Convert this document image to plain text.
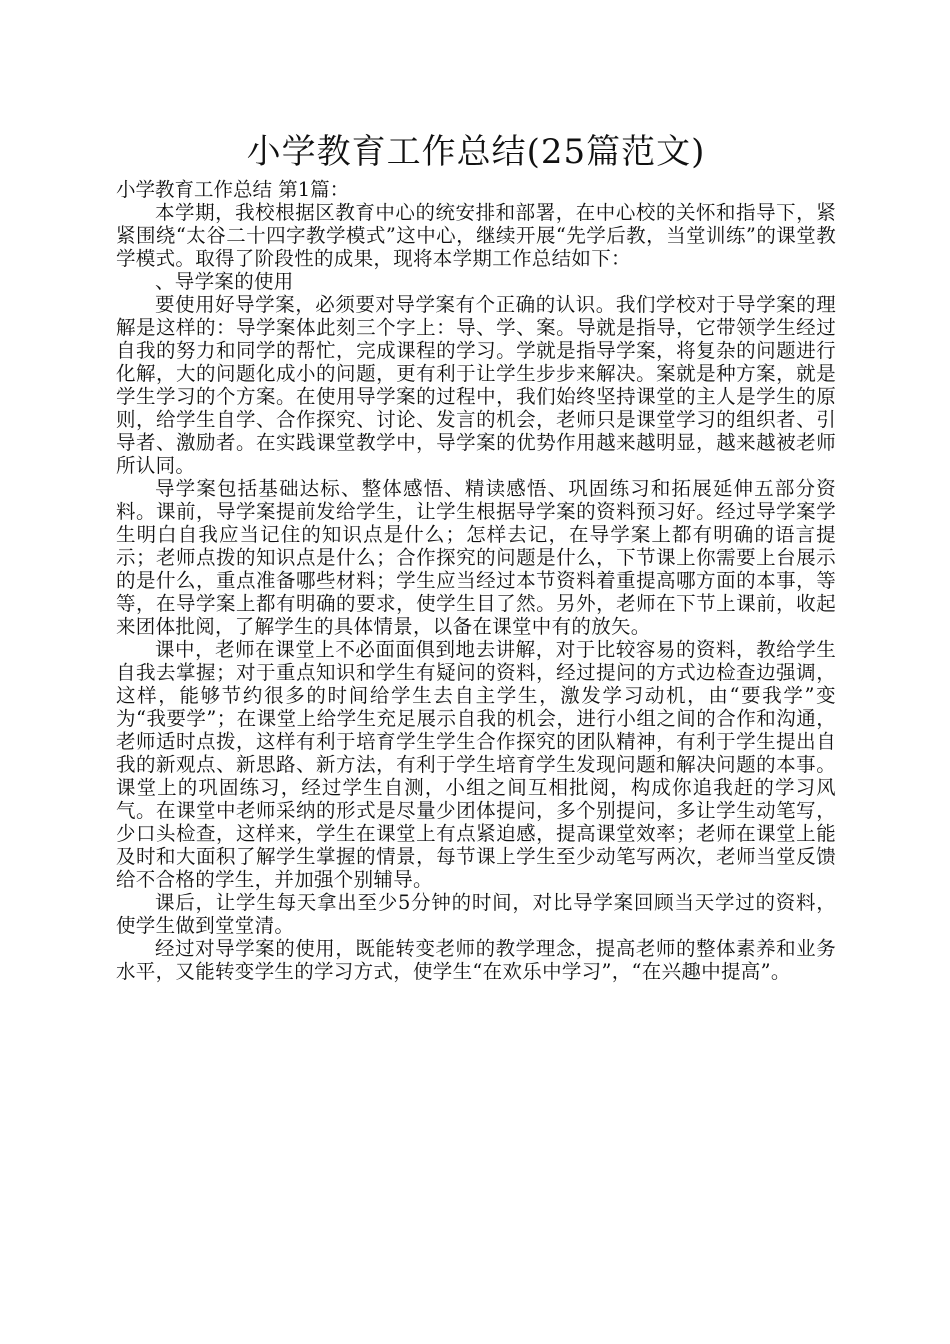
小学教育工作总结(25篇范文)

小学教育工作总结 第1篇：

本学期，我校根据区教育中心的统安排和部署，在中心校的关怀和指导下，紧紧围绕“太谷二十四字教学模式”这中心，继续开展“先学后教，当堂训练”的课堂教学模式。取得了阶段性的成果，现将本学期工作总结如下：

、导学案的使用

要使用好导学案，必须要对导学案有个正确的认识。我们学校对于导学案的理解是这样的：导学案体此刻三个字上：导、学、案。导就是指导，它带领学生经过自我的努力和同学的帮忙，完成课程的学习。学就是指导学案，将复杂的问题进行化解，大的问题化成小的问题，更有利于让学生步步来解决。案就是种方案，就是学生学习的个方案。在使用导学案的过程中，我们始终坚持课堂的主人是学生的原则，给学生自学、合作探究、讨论、发言的机会，老师只是课堂学习的组织者、引导者、激励者。在实践课堂教学中，导学案的优势作用越来越明显，越来越被老师所认同。

导学案包括基础达标、整体感悟、精读感悟、巩固练习和拓展延伸五部分资料。课前，导学案提前发给学生，让学生根据导学案的资料预习好。经过导学案学生明白自我应当记住的知识点是什么；怎样去记，在导学案上都有明确的语言提示；老师点拨的知识点是什么；合作探究的问题是什么，下节课上你需要上台展示的是什么，重点准备哪些材料；学生应当经过本节资料着重提高哪方面的本事，等等，在导学案上都有明确的要求，使学生目了然。另外，老师在下节上课前，收起来团体批阅，了解学生的具体情景，以备在课堂中有的放矢。

课中，老师在课堂上不必面面俱到地去讲解，对于比较容易的资料，教给学生自我去掌握；对于重点知识和学生有疑问的资料，经过提问的方式边检查边强调，这样，能够节约很多的时间给学生去自主学生，激发学习动机，由“要我学”变为“我要学”；在课堂上给学生充足展示自我的机会，进行小组之间的合作和沟通，老师适时点拨，这样有利于培育学生学生合作探究的团队精神，有利于学生提出自我的新观点、新思路、新方法，有利于学生培育学生发现问题和解决问题的本事。课堂上的巩固练习，经过学生自测，小组之间互相批阅，构成你追我赶的学习风气。在课堂中老师采纳的形式是尽量少团体提问，多个别提问，多让学生动笔写，少口头检查，这样来，学生在课堂上有点紧迫感，提高课堂效率；老师在课堂上能及时和大面积了解学生掌握的情景，每节课上学生至少动笔写两次，老师当堂反馈给不合格的学生，并加强个别辅导。

课后，让学生每天拿出至少5分钟的时间，对比导学案回顾当天学过的资料，使学生做到堂堂清。

经过对导学案的使用，既能转变老师的教学理念，提高老师的整体素养和业务水平，又能转变学生的学习方式，使学生“在欢乐中学习”，“在兴趣中提高”。
